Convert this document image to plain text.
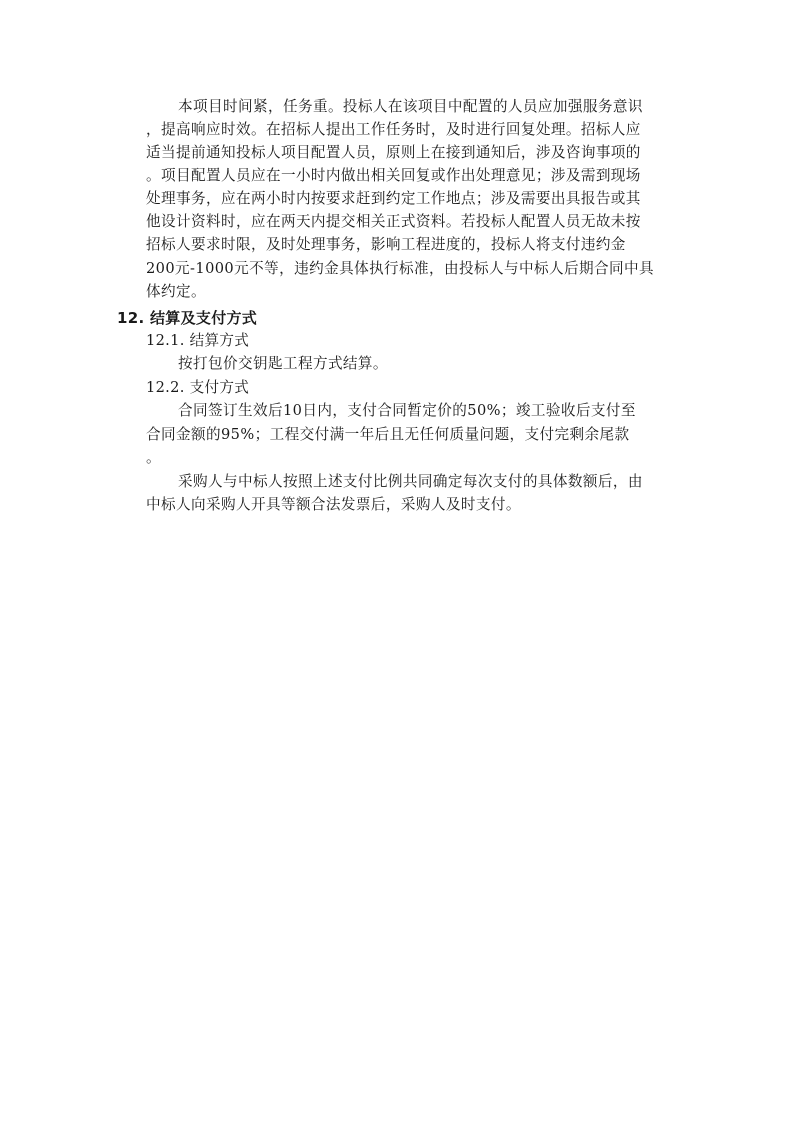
本项目时间紧，任务重。投标人在该项目中配置的人员应加强服务意识
，提高响应时效。在招标人提出工作任务时，及时进行回复处理。招标人应
适当提前通知投标人项目配置人员，原则上在接到通知后，涉及咨询事项的
。项目配置人员应在一小时内做出相关回复或作出处理意见；涉及需到现场
处理事务，应在两小时内按要求赶到约定工作地点；涉及需要出具报告或其
他设计资料时，应在两天内提交相关正式资料。若投标人配置人员无故未按
招标人要求时限，及时处理事务，影响工程进度的，投标人将支付违约金
200元-1000元不等，违约金具体执行标准，由投标人与中标人后期合同中具
体约定。
12. 结算及支付方式
12.1. 结算方式
按打包价交钥匙工程方式结算。
12.2. 支付方式
合同签订生效后10日内，支付合同暂定价的50%；竣工验收后支付至
合同金额的95%；工程交付满一年后且无任何质量问题，支付完剩余尾款
。
采购人与中标人按照上述支付比例共同确定每次支付的具体数额后，由
中标人向采购人开具等额合法发票后，采购人及时支付。
